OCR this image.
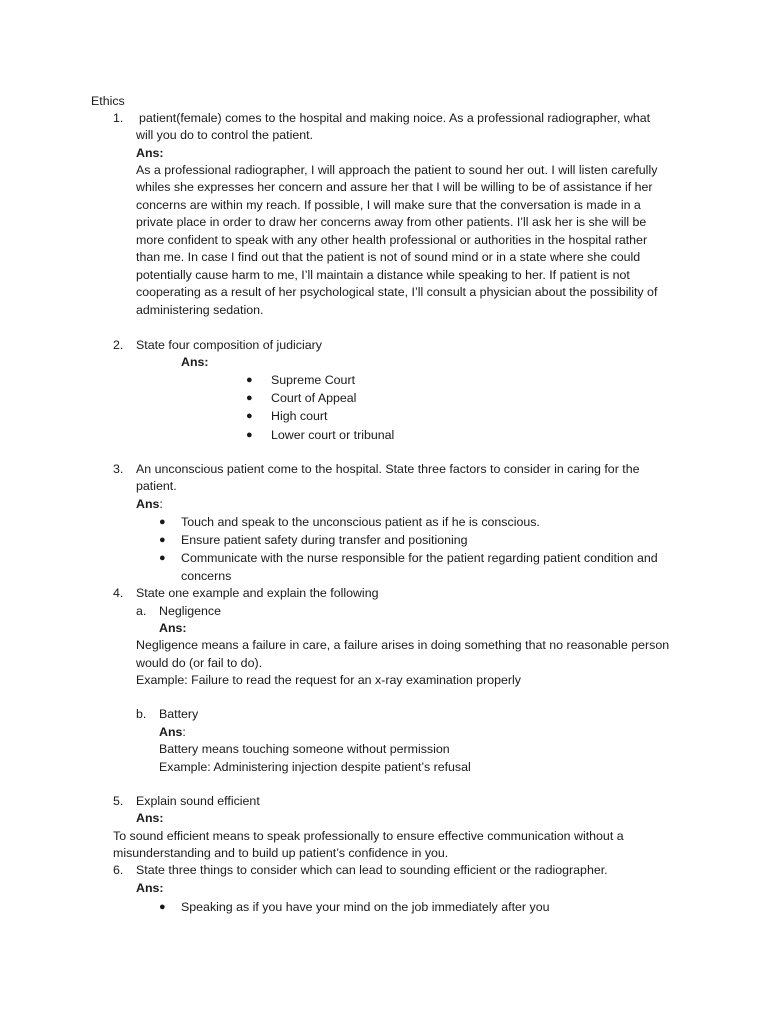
Ethics
1.	patient(female) comes to the hospital and making noice. As a professional radiographer, what
will you do to control the patient.
Ans:
As a professional radiographer, I will approach the patient to sound her out. I will listen carefully
whiles she expresses her concern and assure her that I will be willing to be of assistance if her
concerns are within my reach. If possible, I will make sure that the conversation is made in a
private place in order to draw her concerns away from other patients. I’ll ask her is she will be
more confident to speak with any other health professional or authorities in the hospital rather
than me. In case I find out that the patient is not of sound mind or in a state where she could
potentially cause harm to me, I’ll maintain a distance while speaking to her. If patient is not
cooperating as a result of her psychological state, I’ll consult a physician about the possibility of
administering sedation.
2.	State four composition of judiciary
Ans:
● Supreme Court
● Court of Appeal
● High court
● Lower court or tribunal
3.	An unconscious patient come to the hospital. State three factors to consider in caring for the
patient.
Ans:
● Touch and speak to the unconscious patient as if he is conscious.
● Ensure patient safety during transfer and positioning
● Communicate with the nurse responsible for the patient regarding patient condition and
concerns
4.	State one example and explain the following
a. Negligence
Ans:
Negligence means a failure in care, a failure arises in doing something that no reasonable person
would do (or fail to do).
Example: Failure to read the request for an x-ray examination properly
b. Battery
Ans:
Battery means touching someone without permission
Example: Administering injection despite patient’s refusal
5.	Explain sound efficient
Ans:
To sound efficient means to speak professionally to ensure effective communication without a
misunderstanding and to build up patient’s confidence in you.
6.	State three things to consider which can lead to sounding efficient or the radiographer.
Ans:
● Speaking as if you have your mind on the job immediately after you
